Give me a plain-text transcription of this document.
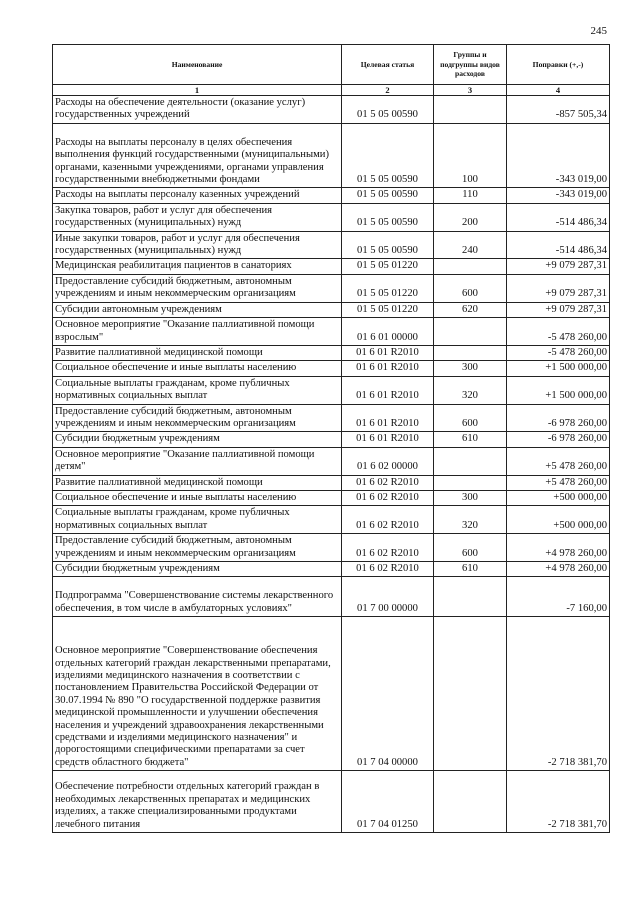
245
Наименование	Целевая статья	Группы и подгруппы видов расходов	Поправки (+,-)
1	2	3	4
Расходы на обеспечение деятельности (оказание услуг) государственных учреждений	01 5 05 00590		-857 505,34

Расходы на выплаты персоналу в целях обеспечения выполнения функций государственными (муниципальными) органами, казенными учреждениями, органами управления государственными внебюджетными фондами	01 5 05 00590	100	-343 019,00
Расходы на выплаты персоналу казенных учреждений	01 5 05 00590	110	-343 019,00
Закупка товаров, работ и услуг для обеспечения государственных (муниципальных) нужд	01 5 05 00590	200	-514 486,34
Иные закупки товаров, работ и услуг для обеспечения государственных (муниципальных) нужд	01 5 05 00590	240	-514 486,34
Медицинская реабилитация пациентов в санаториях	01 5 05 01220		+9 079 287,31
Предоставление субсидий бюджетным, автономным учреждениям и иным некоммерческим организациям	01 5 05 01220	600	+9 079 287,31
Субсидии автономным учреждениям	01 5 05 01220	620	+9 079 287,31
Основное мероприятие "Оказание паллиативной помощи взрослым"	01 6 01 00000		-5 478 260,00
Развитие паллиативной медицинской помощи	01 6 01 R2010		-5 478 260,00
Социальное обеспечение и иные выплаты населению	01 6 01 R2010	300	+1 500 000,00
Социальные выплаты гражданам, кроме публичных нормативных социальных выплат	01 6 01 R2010	320	+1 500 000,00
Предоставление субсидий бюджетным, автономным учреждениям и иным некоммерческим организациям	01 6 01 R2010	600	-6 978 260,00
Субсидии бюджетным учреждениям	01 6 01 R2010	610	-6 978 260,00
Основное мероприятие "Оказание паллиативной помощи детям"	01 6 02 00000		+5 478 260,00
Развитие паллиативной медицинской помощи	01 6 02 R2010		+5 478 260,00
Социальное обеспечение и иные выплаты населению	01 6 02 R2010	300	+500 000,00
Социальные выплаты гражданам, кроме публичных нормативных социальных выплат	01 6 02 R2010	320	+500 000,00
Предоставление субсидий бюджетным, автономным учреждениям и иным некоммерческим организациям	01 6 02 R2010	600	+4 978 260,00
Субсидии бюджетным учреждениям	01 6 02 R2010	610	+4 978 260,00

Подпрограмма "Совершенствование системы лекарственного обеспечения, в том числе в амбулаторных условиях"	01 7 00 00000		-7 160,00
Основное мероприятие "Совершенствование обеспечения отдельных категорий граждан лекарственными препаратами, изделиями медицинского назначения в соответствии с постановлением Правительства Российской Федерации от 30.07.1994 № 890 "О государственной поддержке развития медицинской промышленности и улучшении обеспечения населения и учреждений здравоохранения лекарственными средствами и изделиями медицинского назначения" и дорогостоящими специфическими препаратами за счет средств областного бюджета"	01 7 04 00000		-2 718 381,70
Обеспечение потребности отдельных категорий граждан в необходимых лекарственных препаратах и медицинских изделиях, а также специализированными продуктами лечебного питания	01 7 04 01250		-2 718 381,70
